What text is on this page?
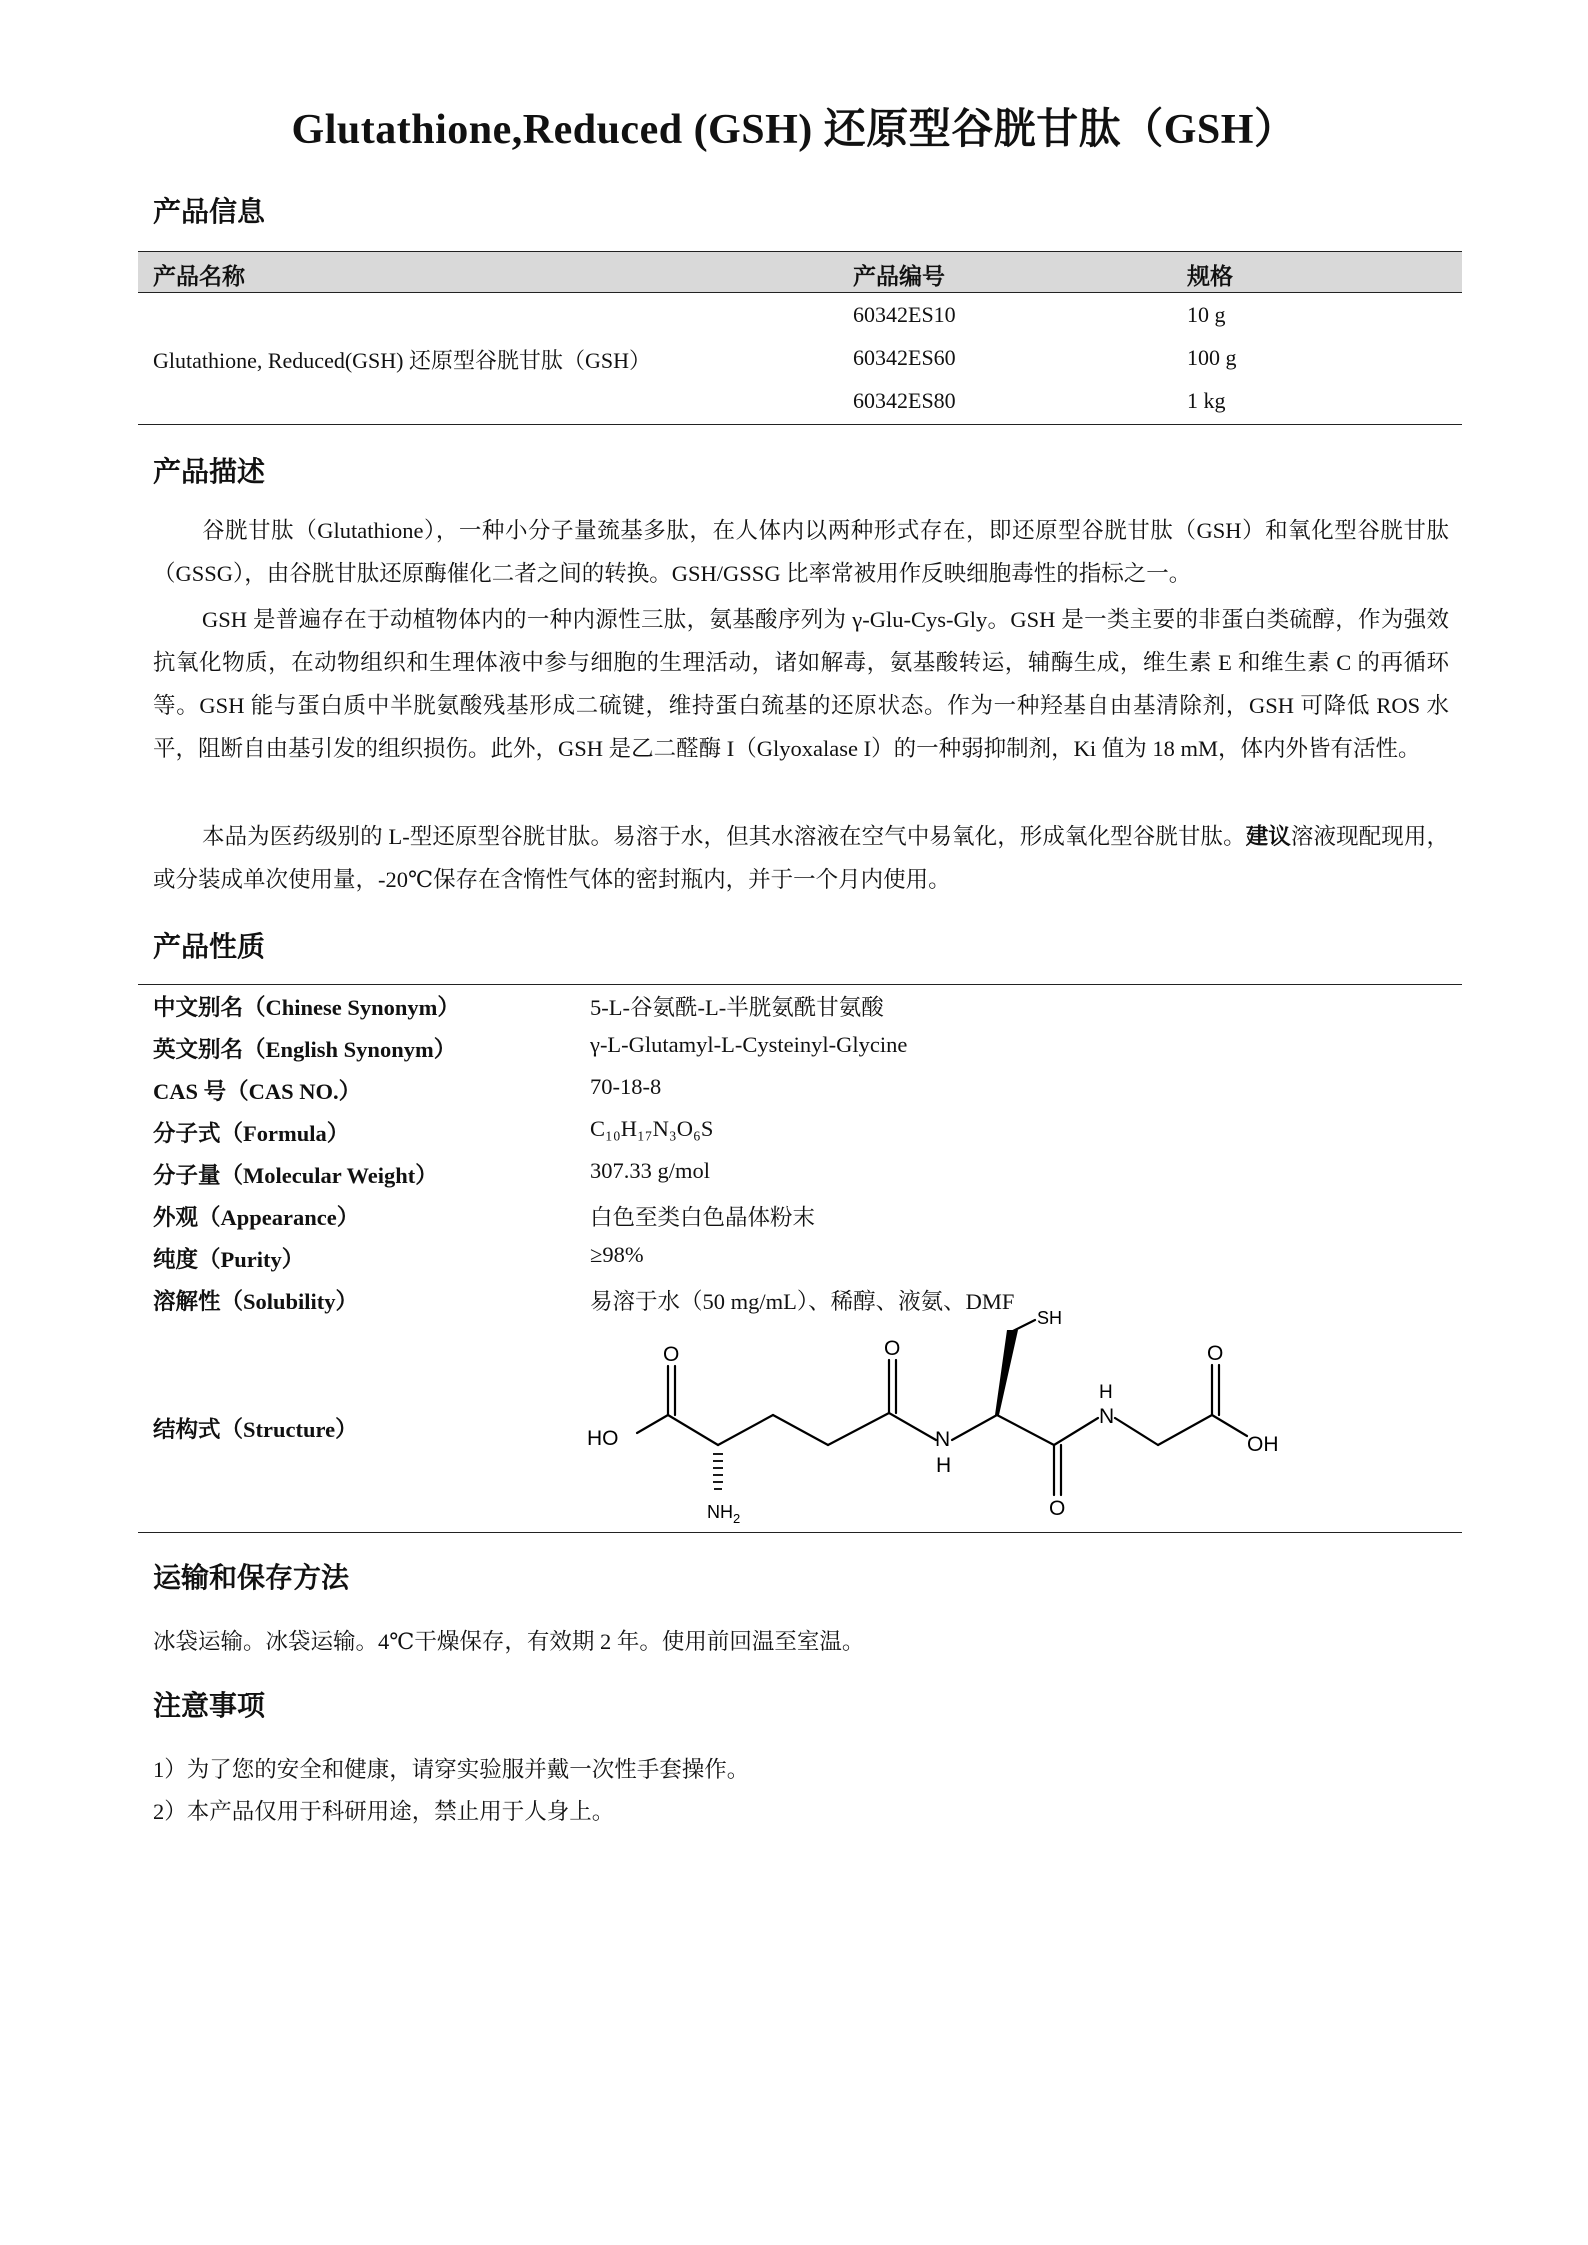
Glutathione,Reduced (GSH) 还原型谷胱甘肽（GSH）
产品信息
产品名称	产品编号	规格
Glutathione, Reduced(GSH) 还原型谷胱甘肽（GSH）
60342ES10	10 g
60342ES60	100 g
60342ES80	1 kg
产品描述

谷胱甘肽（Glutathione），一种小分子量巯基多肽，在人体内以两种形式存在，即还原型谷胱甘肽（GSH）和氧化型谷胱甘肽（GSSG），由谷胱甘肽还原酶催化二者之间的转换。GSH/GSSG 比率常被用作反映细胞毒性的指标之一。

GSH 是普遍存在于动植物体内的一种内源性三肽，氨基酸序列为 γ-Glu-Cys-Gly。GSH 是一类主要的非蛋白类硫醇，作为强效抗氧化物质，在动物组织和生理体液中参与细胞的生理活动，诸如解毒，氨基酸转运，辅酶生成，维生素 E 和维生素 C 的再循环等。GSH 能与蛋白质中半胱氨酸残基形成二硫键，维持蛋白巯基的还原状态。作为一种羟基自由基清除剂，GSH 可降低 ROS 水平，阻断自由基引发的组织损伤。此外，GSH 是乙二醛酶 I（Glyoxalase I）的一种弱抑制剂，Ki 值为 18 mM，体内外皆有活性。

本品为医药级别的 L-型还原型谷胱甘肽。易溶于水，但其水溶液在空气中易氧化，形成氧化型谷胱甘肽。建议溶液现配现用，或分装成单次使用量，-20℃保存在含惰性气体的密封瓶内，并于一个月内使用。

产品性质
中文别名（Chinese Synonym）	5-L-谷氨酰-L-半胱氨酰甘氨酸
英文别名（English Synonym）	γ-L-Glutamyl-L-Cysteinyl-Glycine
CAS 号（CAS NO.）	70-18-8
分子式（Formula）	C₁₀H₁₇N₃O₆S
分子量（Molecular Weight）	307.33 g/mol
外观（Appearance）	白色至类白色晶体粉末
纯度（Purity）	≥98%
溶解性（Solubility）	易溶于水（50 mg/mL）、稀醇、液氨、DMF
结构式（Structure）
O
HO
O
N
H
NH 2
SH
O
N
H
O
OH
运输和保存方法

冰袋运输。冰袋运输。4℃干燥保存，有效期 2 年。使用前回温至室温。

注意事项

1）为了您的安全和健康，请穿实验服并戴一次性手套操作。

2）本产品仅用于科研用途，禁止用于人身上。
